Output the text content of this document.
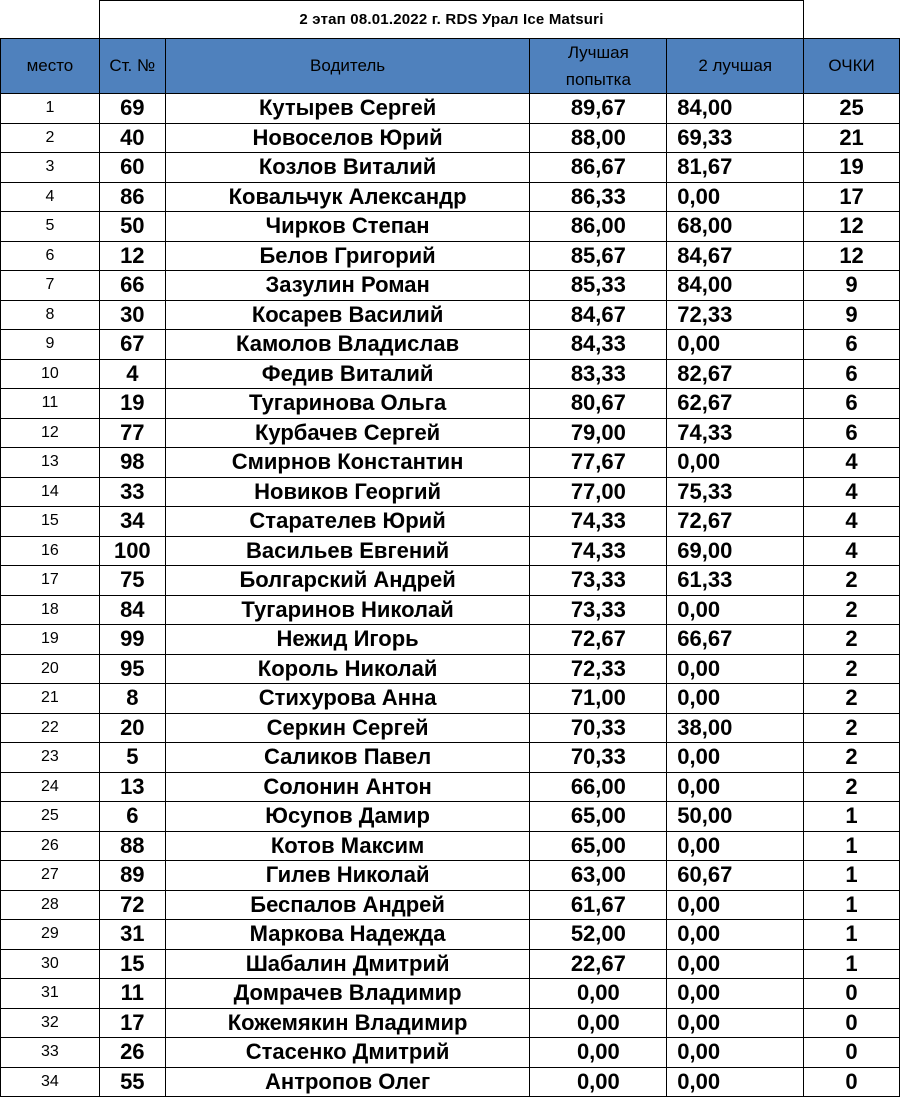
	2 этап 08.01.2022 г. RDS Урал Ice Matsuri				
место	Ст. №	Водитель	Лучшая попытка	2 лучшая	ОЧКИ
1	69	Кутырев Сергей	89,67	84,00	25
2	40	Новоселов Юрий	88,00	69,33	21
3	60	Козлов Виталий	86,67	81,67	19
4	86	Ковальчук Александр	86,33	0,00	17
5	50	Чирков Степан	86,00	68,00	12
6	12	Белов Григорий	85,67	84,67	12
7	66	Зазулин Роман	85,33	84,00	9
8	30	Косарев Василий	84,67	72,33	9
9	67	Камолов Владислав	84,33	0,00	6
10	4	Федив Виталий	83,33	82,67	6
11	19	Тугаринова Ольга	80,67	62,67	6
12	77	Курбачев Сергей	79,00	74,33	6
13	98	Смирнов Константин	77,67	0,00	4
14	33	Новиков Георгий	77,00	75,33	4
15	34	Старателев Юрий	74,33	72,67	4
16	100	Васильев Евгений	74,33	69,00	4
17	75	Болгарский Андрей	73,33	61,33	2
18	84	Тугаринов Николай	73,33	0,00	2
19	99	Нежид Игорь	72,67	66,67	2
20	95	Король Николай	72,33	0,00	2
21	8	Стихурова Анна	71,00	0,00	2
22	20	Серкин Сергей	70,33	38,00	2
23	5	Саликов Павел	70,33	0,00	2
24	13	Солонин Антон	66,00	0,00	2
25	6	Юсупов Дамир	65,00	50,00	1
26	88	Котов Максим	65,00	0,00	1
27	89	Гилев Николай	63,00	60,67	1
28	72	Беспалов Андрей	61,67	0,00	1
29	31	Маркова Надежда	52,00	0,00	1
30	15	Шабалин Дмитрий	22,67	0,00	1
31	11	Домрачев Владимир	0,00	0,00	0
32	17	Кожемякин Владимир	0,00	0,00	0
33	26	Стасенко Дмитрий	0,00	0,00	0
34	55	Антропов Олег	0,00	0,00	0
